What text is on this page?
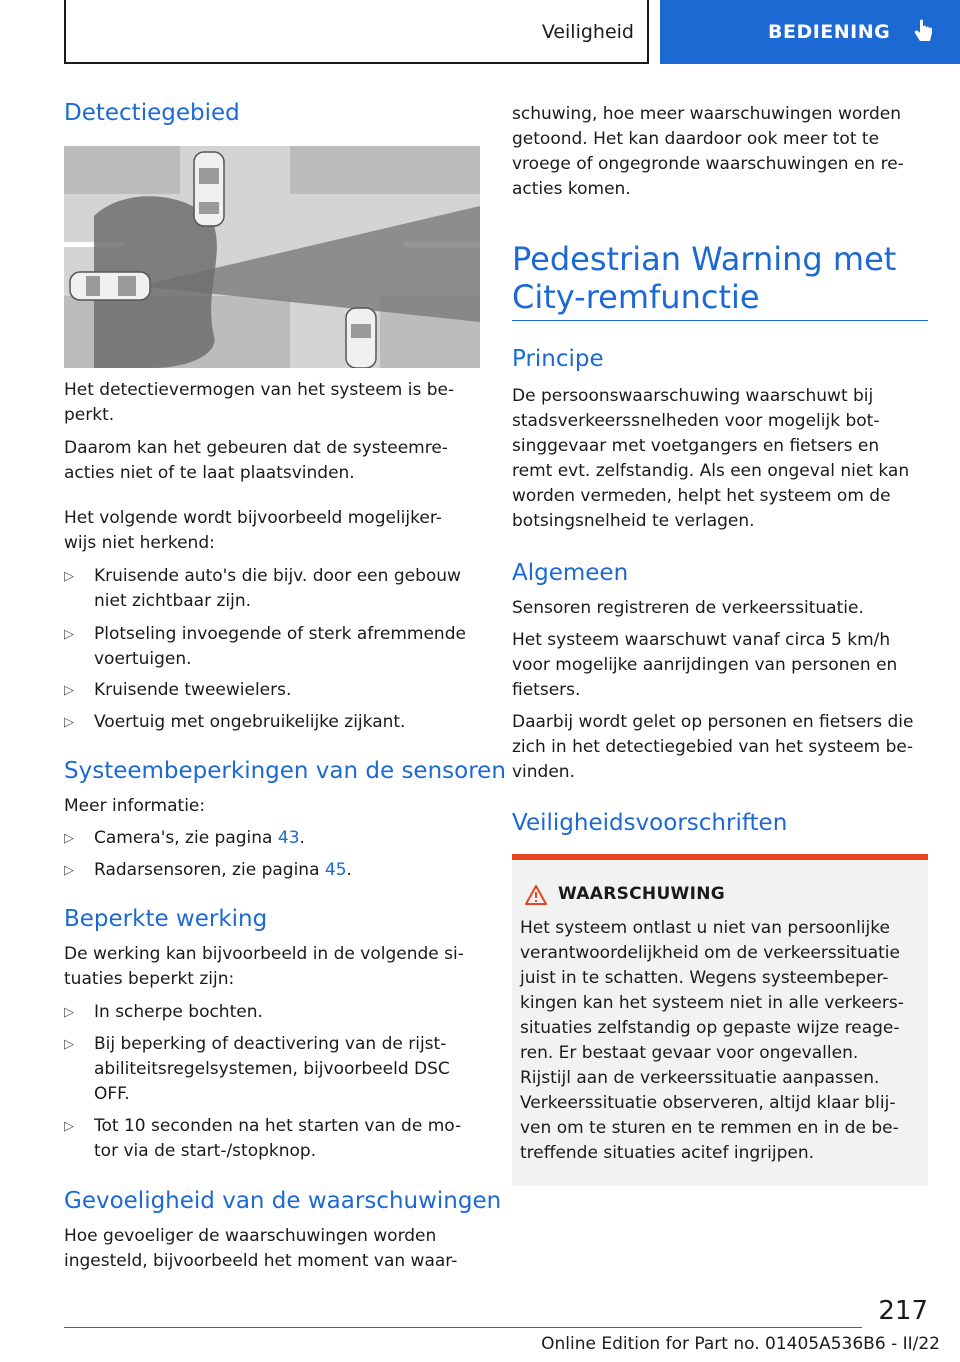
Veiligheid	BEDIENING
Detectiegebied

Het detectievermogen van het systeem is be-
perkt.

Daarom kan het gebeuren dat de systeemre-
acties niet of te laat plaatsvinden.

Het volgende wordt bijvoorbeeld mogelijker-
wijs niet herkend:

▷ Kruisende auto's die bijv. door een gebouw
niet zichtbaar zijn.
▷ Plotseling invoegende of sterk afremmende
voertuigen.
▷ Kruisende tweewielers.
▷ Voertuig met ongebruikelijke zijkant.
Systeembeperkingen van de sensoren

Meer informatie:

▷ Camera's, zie pagina 43.
▷ Radarsensoren, zie pagina 45.
Beperkte werking

De werking kan bijvoorbeeld in de volgende si-
tuaties beperkt zijn:

▷ In scherpe bochten.
▷ Bij beperking of deactivering van de rijst-
abiliteitsregelsystemen, bijvoorbeeld DSC
OFF.
▷ Tot 10 seconden na het starten van de mo-
tor via de start-/stopknop.
Gevoeligheid van de waarschuwingen

Hoe gevoeliger de waarschuwingen worden
ingesteld, bijvoorbeeld het moment van waar-

schuwing, hoe meer waarschuwingen worden
getoond. Het kan daardoor ook meer tot te
vroege of ongegronde waarschuwingen en re-
acties komen.

Pedestrian Warning met
City-remfunctie
Principe

De persoonswaarschuwing waarschuwt bij
stadsverkeerssnelheden voor mogelijk bot-
singgevaar met voetgangers en fietsers en
remt evt. zelfstandig. Als een ongeval niet kan
worden vermeden, helpt het systeem om de
botsingsnelheid te verlagen.

Algemeen

Sensoren registreren de verkeerssituatie.

Het systeem waarschuwt vanaf circa 5 km/h
voor mogelijke aanrijdingen van personen en
fietsers.

Daarbij wordt gelet op personen en fietsers die
zich in het detectiegebied van het systeem be-
vinden.

Veiligheidsvoorschriften
WAARSCHUWING
Het systeem ontlast u niet van persoonlijke
verantwoordelijkheid om de verkeerssituatie
juist in te schatten. Wegens systeembeper-
kingen kan het systeem niet in alle verkeers-
situaties zelfstandig op gepaste wijze reage-
ren. Er bestaat gevaar voor ongevallen.
Rijstijl aan de verkeerssituatie aanpassen.
Verkeerssituatie observeren, altijd klaar blij-
ven om te sturen en te remmen en in de be-
treffende situaties acitef ingrijpen.
217
Online Edition for Part no. 01405A536B6 - II/22
